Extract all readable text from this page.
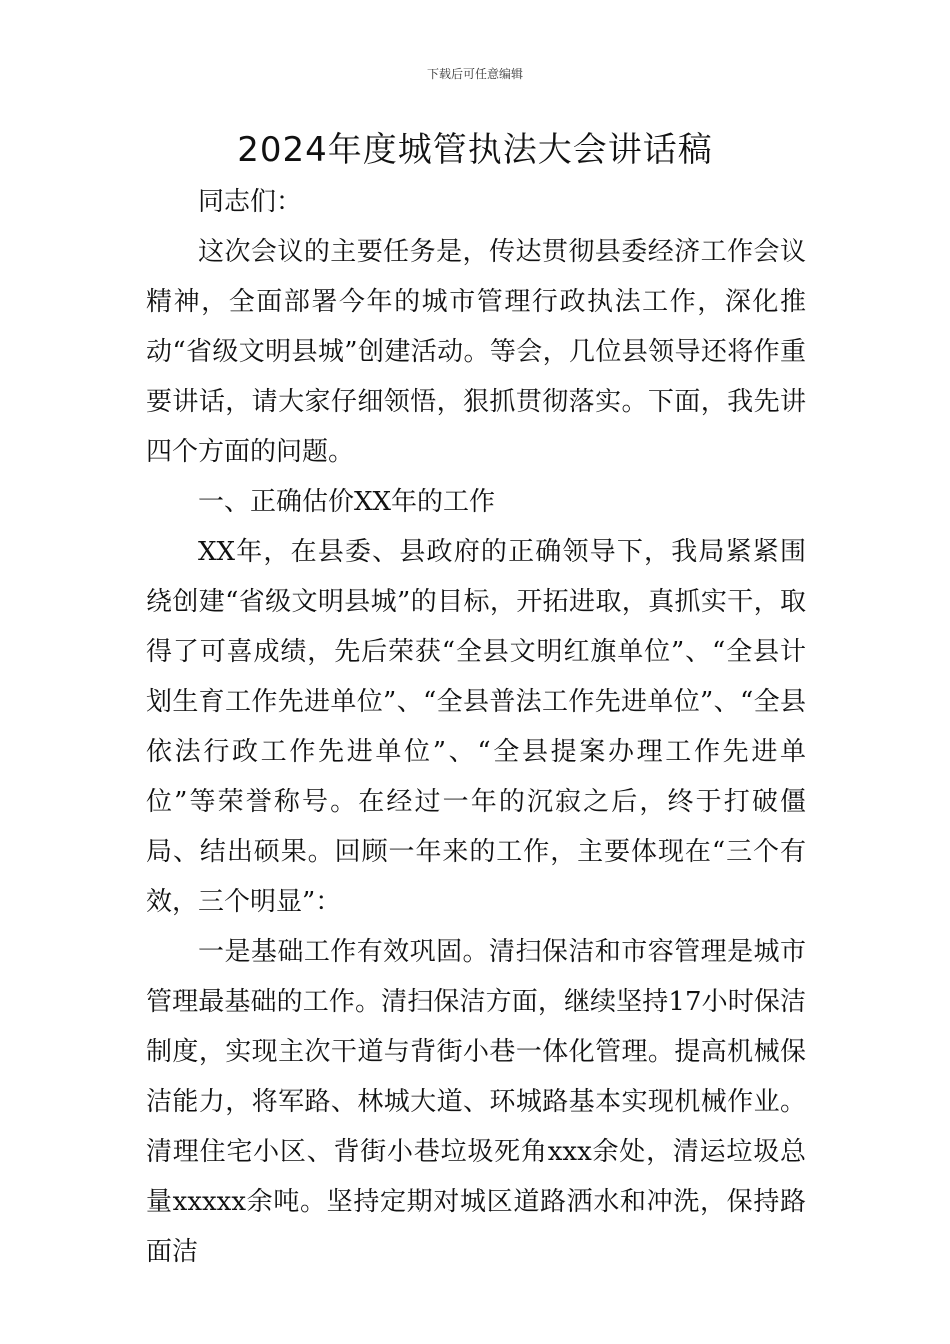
下载后可任意编辑
2024年度城管执法大会讲话稿

同志们：

这次会议的主要任务是，传达贯彻县委经济工作会议精神，全面部署今年的城市管理行政执法工作，深化推动“省级文明县城”创建活动。等会，几位县领导还将作重要讲话，请大家仔细领悟，狠抓贯彻落实。下面，我先讲四个方面的问题。

一、正确估价XX年的工作

XX年，在县委、县政府的正确领导下，我局紧紧围绕创建“省级文明县城”的目标，开拓进取，真抓实干，取得了可喜成绩，先后荣获“全县文明红旗单位”、“全县计划生育工作先进单位”、“全县普法工作先进单位”、“全县依法行政工作先进单位”、“全县提案办理工作先进单位”等荣誉称号。在经过一年的沉寂之后，终于打破僵局、结出硕果。回顾一年来的工作，主要体现在“三个有效，三个明显”：

一是基础工作有效巩固。清扫保洁和市容管理是城市管理最基础的工作。清扫保洁方面，继续坚持17小时保洁制度，实现主次干道与背街小巷一体化管理。提高机械保洁能力，将军路、林城大道、环城路基本实现机械作业。清理住宅小区、背街小巷垃圾死角xxx余处，清运垃圾总量xxxxx余吨。坚持定期对城区道路洒水和冲洗，保持路面洁
